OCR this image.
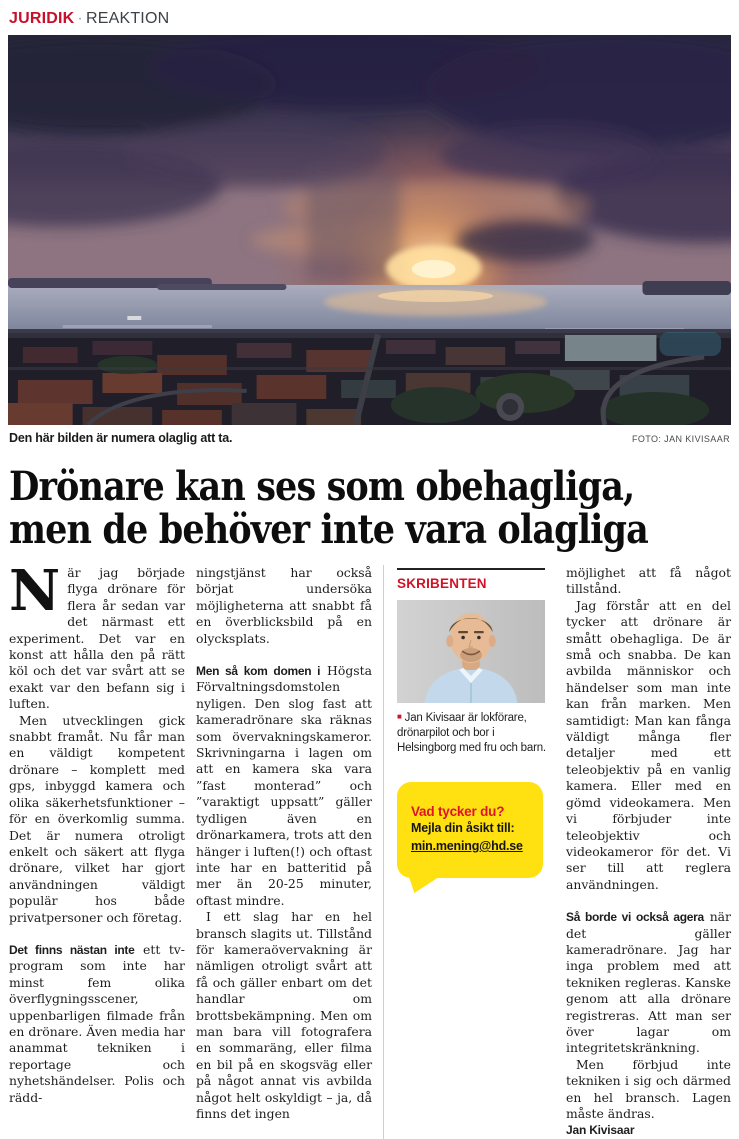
JURIDIK · REAKTION
Den här bilden är numera olaglig att ta.	FOTO: JAN KIVISAAR
Drönare kan ses som obehagliga,
men de behöver inte vara olagliga

När jag började flyga drönare för flera år sedan var det närmast ett experiment. Det var en konst att hålla den på rätt köl och det var svårt att se exakt var den befann sig i luften.

Men utvecklingen gick snabbt framåt. Nu får man en väldigt kompetent drönare – komplett med gps, inbyggd kamera och olika säkerhetsfunktioner – för en överkomlig summa. Det är numera otroligt enkelt och säkert att flyga drönare, vilket har gjort användningen väldigt populär hos både privatpersoner och företag.

Det finns nästan inte ett tv-program som inte har minst fem olika överflygningsscener, uppenbarligen filmade från en drönare. Även media har anammat tekniken i reportage och nyhetshändelser. Polis och rädd-

ningstjänst har också börjat undersöka möjligheterna att snabbt få en överblicksbild på en olycksplats.

Men så kom domen i Högsta Förvaltningsdomstolen nyligen. Den slog fast att kameradrönare ska räknas som övervakningskameror. Skrivningarna i lagen om att en kamera ska vara ”fast monterad” och ”varaktigt uppsatt” gäller tydligen även en drönarkamera, trots att den hänger i luften(!) och oftast inte har en batteritid på mer än 20-25 minuter, oftast mindre.

I ett slag har en hel bransch slagits ut. Tillstånd för kameraövervakning är nämligen otroligt svårt att få och gäller enbart om det handlar om brottsbekämpning. Men om man bara vill fotografera en sommaräng, eller filma en bil på en skogsväg eller på något annat vis avbilda något helt oskyldigt – ja, då finns det ingen

SKRIBENTEN
■ Jan Kivisaar är lokförare, drönarpilot och bor i Helsingborg med fru och barn.
Vad tycker du?
Mejla din åsikt till:
min.mening@hd.se

möjlighet att få något tillstånd.

Jag förstår att en del tycker att drönare är smått obehagliga. De är små och snabba. De kan avbilda människor och händelser som man inte kan från marken. Men samtidigt: Man kan fånga väldigt många fler detaljer med ett teleobjektiv på en vanlig kamera. Eller med en gömd videokamera. Men vi förbjuder inte teleobjektiv och videokameror för det. Vi ser till att reglera användningen.

Så borde vi också agera när det gäller kameradrönare. Jag har inga problem med att tekniken regleras. Kanske genom att alla drönare registreras. Att man ser över lagar om integritetskränkning.

Men förbjud inte tekniken i sig och därmed en hel bransch. Lagen måste ändras.

Jan Kivisaar
